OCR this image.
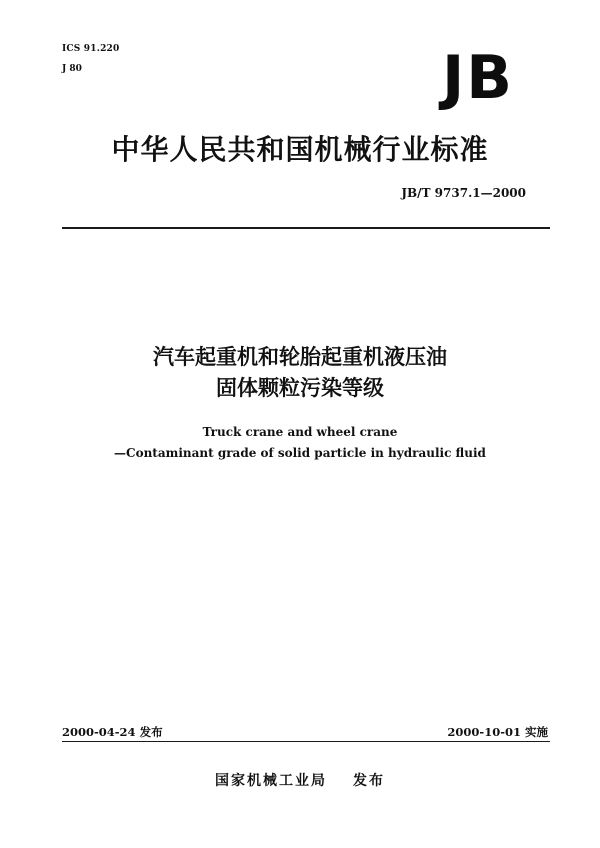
ICS 91.220
J 80	JB
中华人民共和国机械行业标准
JB/T 9737.1—2000
汽车起重机和轮胎起重机液压油
固体颗粒污染等级
Truck crane and wheel crane
—Contaminant grade of solid particle in hydraulic fluid
2000-04-24 发布	2000-10-01 实施
国家机械工业局 发布
